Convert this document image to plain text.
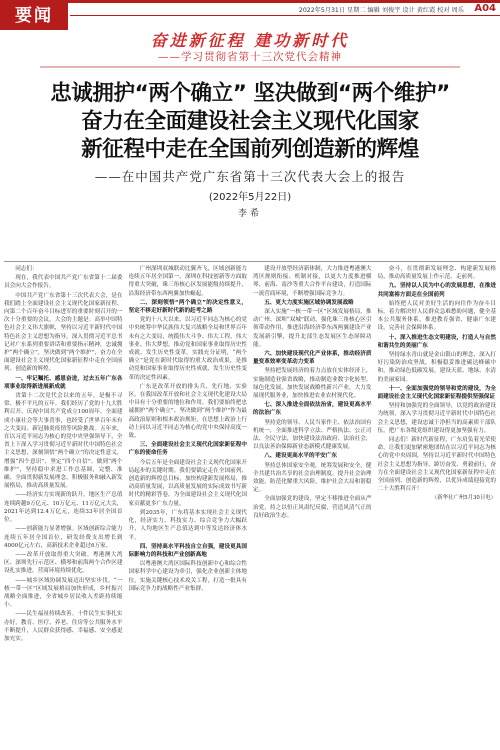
要闻	2022年5月31日 星期二 编辑 刘俊宇 设计 黄红霞 校对 周乐 A04
奋进新征程 建功新时代
——学习贯彻省第十三次党代会精神
忠诚拥护“两个确立” 坚决做到“两个维护”
奋力在全面建设社会主义现代化国家
新征程中走在全国前列创造新的辉煌
——在中国共产党广东省第十三次代表大会上的报告
(2022年5月22日)
李希

同志们：

现在，我代表中国共产党广东省第十二届委员会向大会作报告。

中国共产党广东省第十三次代表大会，是在我们踏上全面建设社会主义现代化国家新征程、向第二个百年奋斗目标进军的重要时刻召开的一次十分重要的会议。大会的主题是：高举中国特色社会主义伟大旗帜，坚持以习近平新时代中国特色社会主义思想为指导，深入贯彻习近平总书记对广东系列重要讲话和重要指示精神，忠诚拥护“两个确立”，坚决做到“两个维护”，奋力在全面建设社会主义现代化国家新征程中走在全国前列、创造新的辉煌。

一、牢记嘱托、感恩奋进，过去五年广东各项事业取得新进展新成就

省第十二次党代会以来的五年，是极不寻常、极不平凡的五年。我们经历了党的十九大胜利召开、庆祝中国共产党成立100周年、全面建成小康社会等大事喜事，也经受了世界百年未有之大变局、新冠肺炎疫情等风险挑战。五年来，在以习近平同志为核心的党中央坚强领导下，全省上下深入学习贯彻习近平新时代中国特色社会主义思想，深刻领悟“两个确立”的决定性意义，增强“四个意识”、坚定“四个自信”、做到“两个维护”，坚持稳中求进工作总基调，完整、准确、全面贯彻新发展理念，积极服务和融入新发展格局，推动高质量发展。

——经济实力实现新的跃升。地区生产总值连续跨越9万亿元、10万亿元、11万亿元大关，2021年达到12.4万亿元，连续33年居全国首位。

——创新能力显著增强。区域创新综合能力连续五年居全国首位，研发经费支出增长到4000亿元左右，高新技术企业超过6万家。

——改革开放取得重大突破。粤港澳大湾区、深圳先行示范区、横琴和前海两个合作区建设扎实推进，营商环境持续优化。

——城乡区域协调发展迈出坚实步伐。“一核一带一区”区域发展格局加快形成，乡村振兴战略全面推进，全省城乡居民收入差距持续缩小。

——民生福祉持续改善。十件民生实事扎实办好，教育、医疗、养老、住房等公共服务水平不断提升，人民群众获得感、幸福感、安全感更加充实。

广州深圳双城联动比翼齐飞，区域创新能力连续五年居全国第一，深圳在科技创新等方面取得重大突破，珠三角核心区发展能级持续提升，沿海经济带东西两翼加快崛起。

二、深刻领悟“两个确立”的决定性意义，坚定不移走好新时代新的赶考之路

党的十八大以来，以习近平同志为核心的党中央统筹中华民族伟大复兴战略全局和世界百年未有之大变局，统揽伟大斗争、伟大工程、伟大事业、伟大梦想，推动党和国家事业取得历史性成就、发生历史性变革。实践充分证明，“两个确立”是党在新时代取得的重大政治成果，是推动党和国家事业取得历史性成就、发生历史性变革的决定性因素。

广东是改革开放的排头兵、先行地、实验区，在我国改革开放和社会主义现代化建设大局中具有十分重要的地位和作用。我们要始终把忠诚拥护“两个确立”、坚决做到“两个维护”作为最高政治原则和根本政治规矩，在思想上政治上行动上同以习近平同志为核心的党中央保持高度一致。

三、全面建设社会主义现代化国家新征程中广东的使命任务

今后五年是全面建设社会主义现代化国家开局起步的关键时期。我们要锚定走在全国前列、创造新的辉煌总目标，加快构建新发展格局，推动高质量发展，以高质量发展的实际成效书写新时代的精彩答卷，为全面建设社会主义现代化国家贡献更多广东力量。

到2035年，广东将基本实现社会主义现代化，经济实力、科技实力、综合竞争力大幅跃升，人均地区生产总值达到中等发达经济体水平。

四、坚持高水平科技自立自强，建设更具国际影响力的科技和产业创新高地

以粤港澳大湾区国际科技创新中心和综合性国家科学中心建设为牵引，强化企业创新主体地位，实施关键核心技术攻关工程，打造一批具有国际竞争力的战略性产业集群。

建设开放型经济新体制，大力推进粤港澳大湾区规则衔接、机制对接，以更大力度推进横琴、前海、南沙等重大合作平台建设，打造国际一流营商环境，不断增强国际竞争力。

五、更大力度实施区域协调发展战略

深入实施“一核一带一区”区域发展格局，推动广州、深圳“双城”联动，强化珠三角核心区引领带动作用，推进沿海经济带东西两翼建设产业发展新引擎，提升北部生态发展区生态屏障功能。

六、加快建设现代化产业体系，推动经济质量变革效率变革动力变革

坚持把发展经济的着力点放在实体经济上，实施制造业强省战略，推动制造业数字化转型、绿色化发展，加快发展战略性新兴产业，大力发展现代服务业，加快推进农业农村现代化。

七、深入推进全面依法治省，建设更高水平的法治广东

坚持党的领导、人民当家作主、依法治国有机统一，全面推进科学立法、严格执法、公正司法、全民守法，加快建设法治政府、法治社会，以良法善治保障新业态新模式健康发展。

八、建设更高水平的平安广东

坚持总体国家安全观，统筹发展和安全，健全共建共治共享的社会治理制度，提升社会治理效能，防范化解重大风险，维护社会大局和谐稳定。

全面加强党的建设，坚定不移推进全面从严治党，持之以恒正风肃纪反腐，营造风清气正的良好政治生态。

奋斗，在贯彻新发展理念、构建新发展格局、推动高质量发展上作示范、走前列。

九、坚持以人民为中心的发展思想，在推进共同富裕方面走在全国前列

始终把人民对美好生活的向往作为奋斗目标，着力解决好人民群众急难愁盼问题，健全基本公共服务体系，推进教育强省、健康广东建设，完善社会保障体系。

十、深入推进生态文明建设，打造人与自然和谐共生的美丽广东

坚持绿水青山就是金山银山的理念，深入打好污染防治攻坚战，积极稳妥推进碳达峰碳中和，推动绿色低碳发展，建设天蓝、地绿、水清的美丽家园。

十一、全面加强党的领导和党的建设，为全面建设社会主义现代化国家新征程提供坚强保证

坚持和加强党的全面领导，以党的政治建设为统领，深入学习贯彻习近平新时代中国特色社会主义思想，建设忠诚干净担当的高素质干部队伍，把广东各级党组织建设得更加坚强有力。

同志们！新时代新征程，广东肩负着光荣使命。让我们更加紧密地团结在以习近平同志为核心的党中央周围，坚持以习近平新时代中国特色社会主义思想为指导，踔厉奋发、勇毅前行，奋力在全面建设社会主义现代化国家新征程中走在全国前列、创造新的辉煌，以优异成绩迎接党的二十大胜利召开！

（新华社广州5月30日电）
